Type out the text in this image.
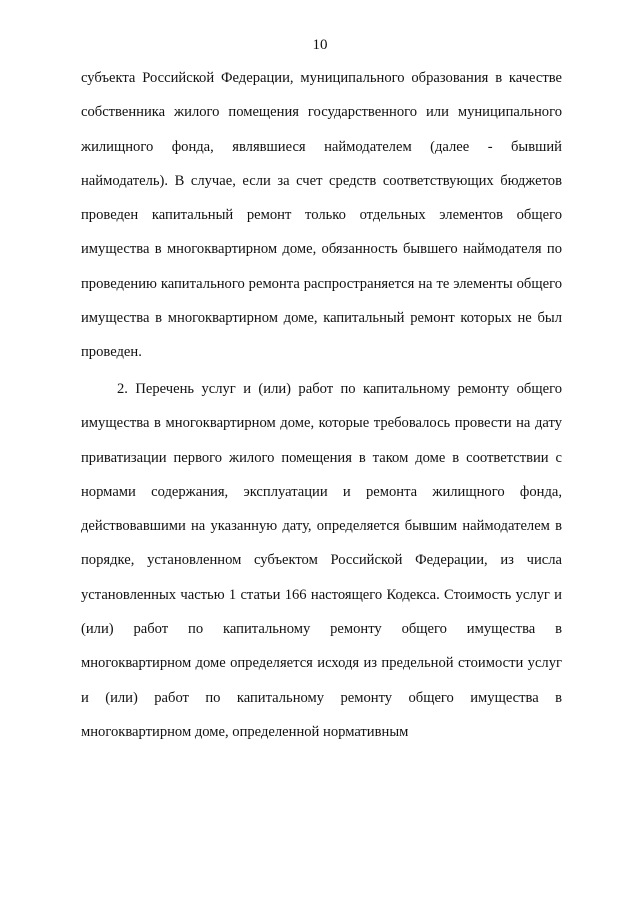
10

субъекта Российской Федерации, муниципального образования в качестве собственника жилого помещения государственного или муниципального жилищного фонда, являвшиеся наймодателем (далее - бывший наймодатель). В случае, если за счет средств соответствующих бюджетов проведен капитальный ремонт только отдельных элементов общего имущества в многоквартирном доме, обязанность бывшего наймодателя по проведению капитального ремонта распространяется на те элементы общего имущества в многоквартирном доме, капитальный ремонт которых не был проведен.

2. Перечень услуг и (или) работ по капитальному ремонту общего имущества в многоквартирном доме, которые требовалось провести на дату приватизации первого жилого помещения в таком доме в соответствии с нормами содержания, эксплуатации и ремонта жилищного фонда, действовавшими на указанную дату, определяется бывшим наймодателем в порядке, установленном субъектом Российской Федерации, из числа установленных частью 1 статьи 166 настоящего Кодекса. Стоимость услуг и (или) работ по капитальному ремонту общего имущества в многоквартирном доме определяется исходя из предельной стоимости услуг и (или) работ по капитальному ремонту общего имущества в многоквартирном доме, определенной нормативным
